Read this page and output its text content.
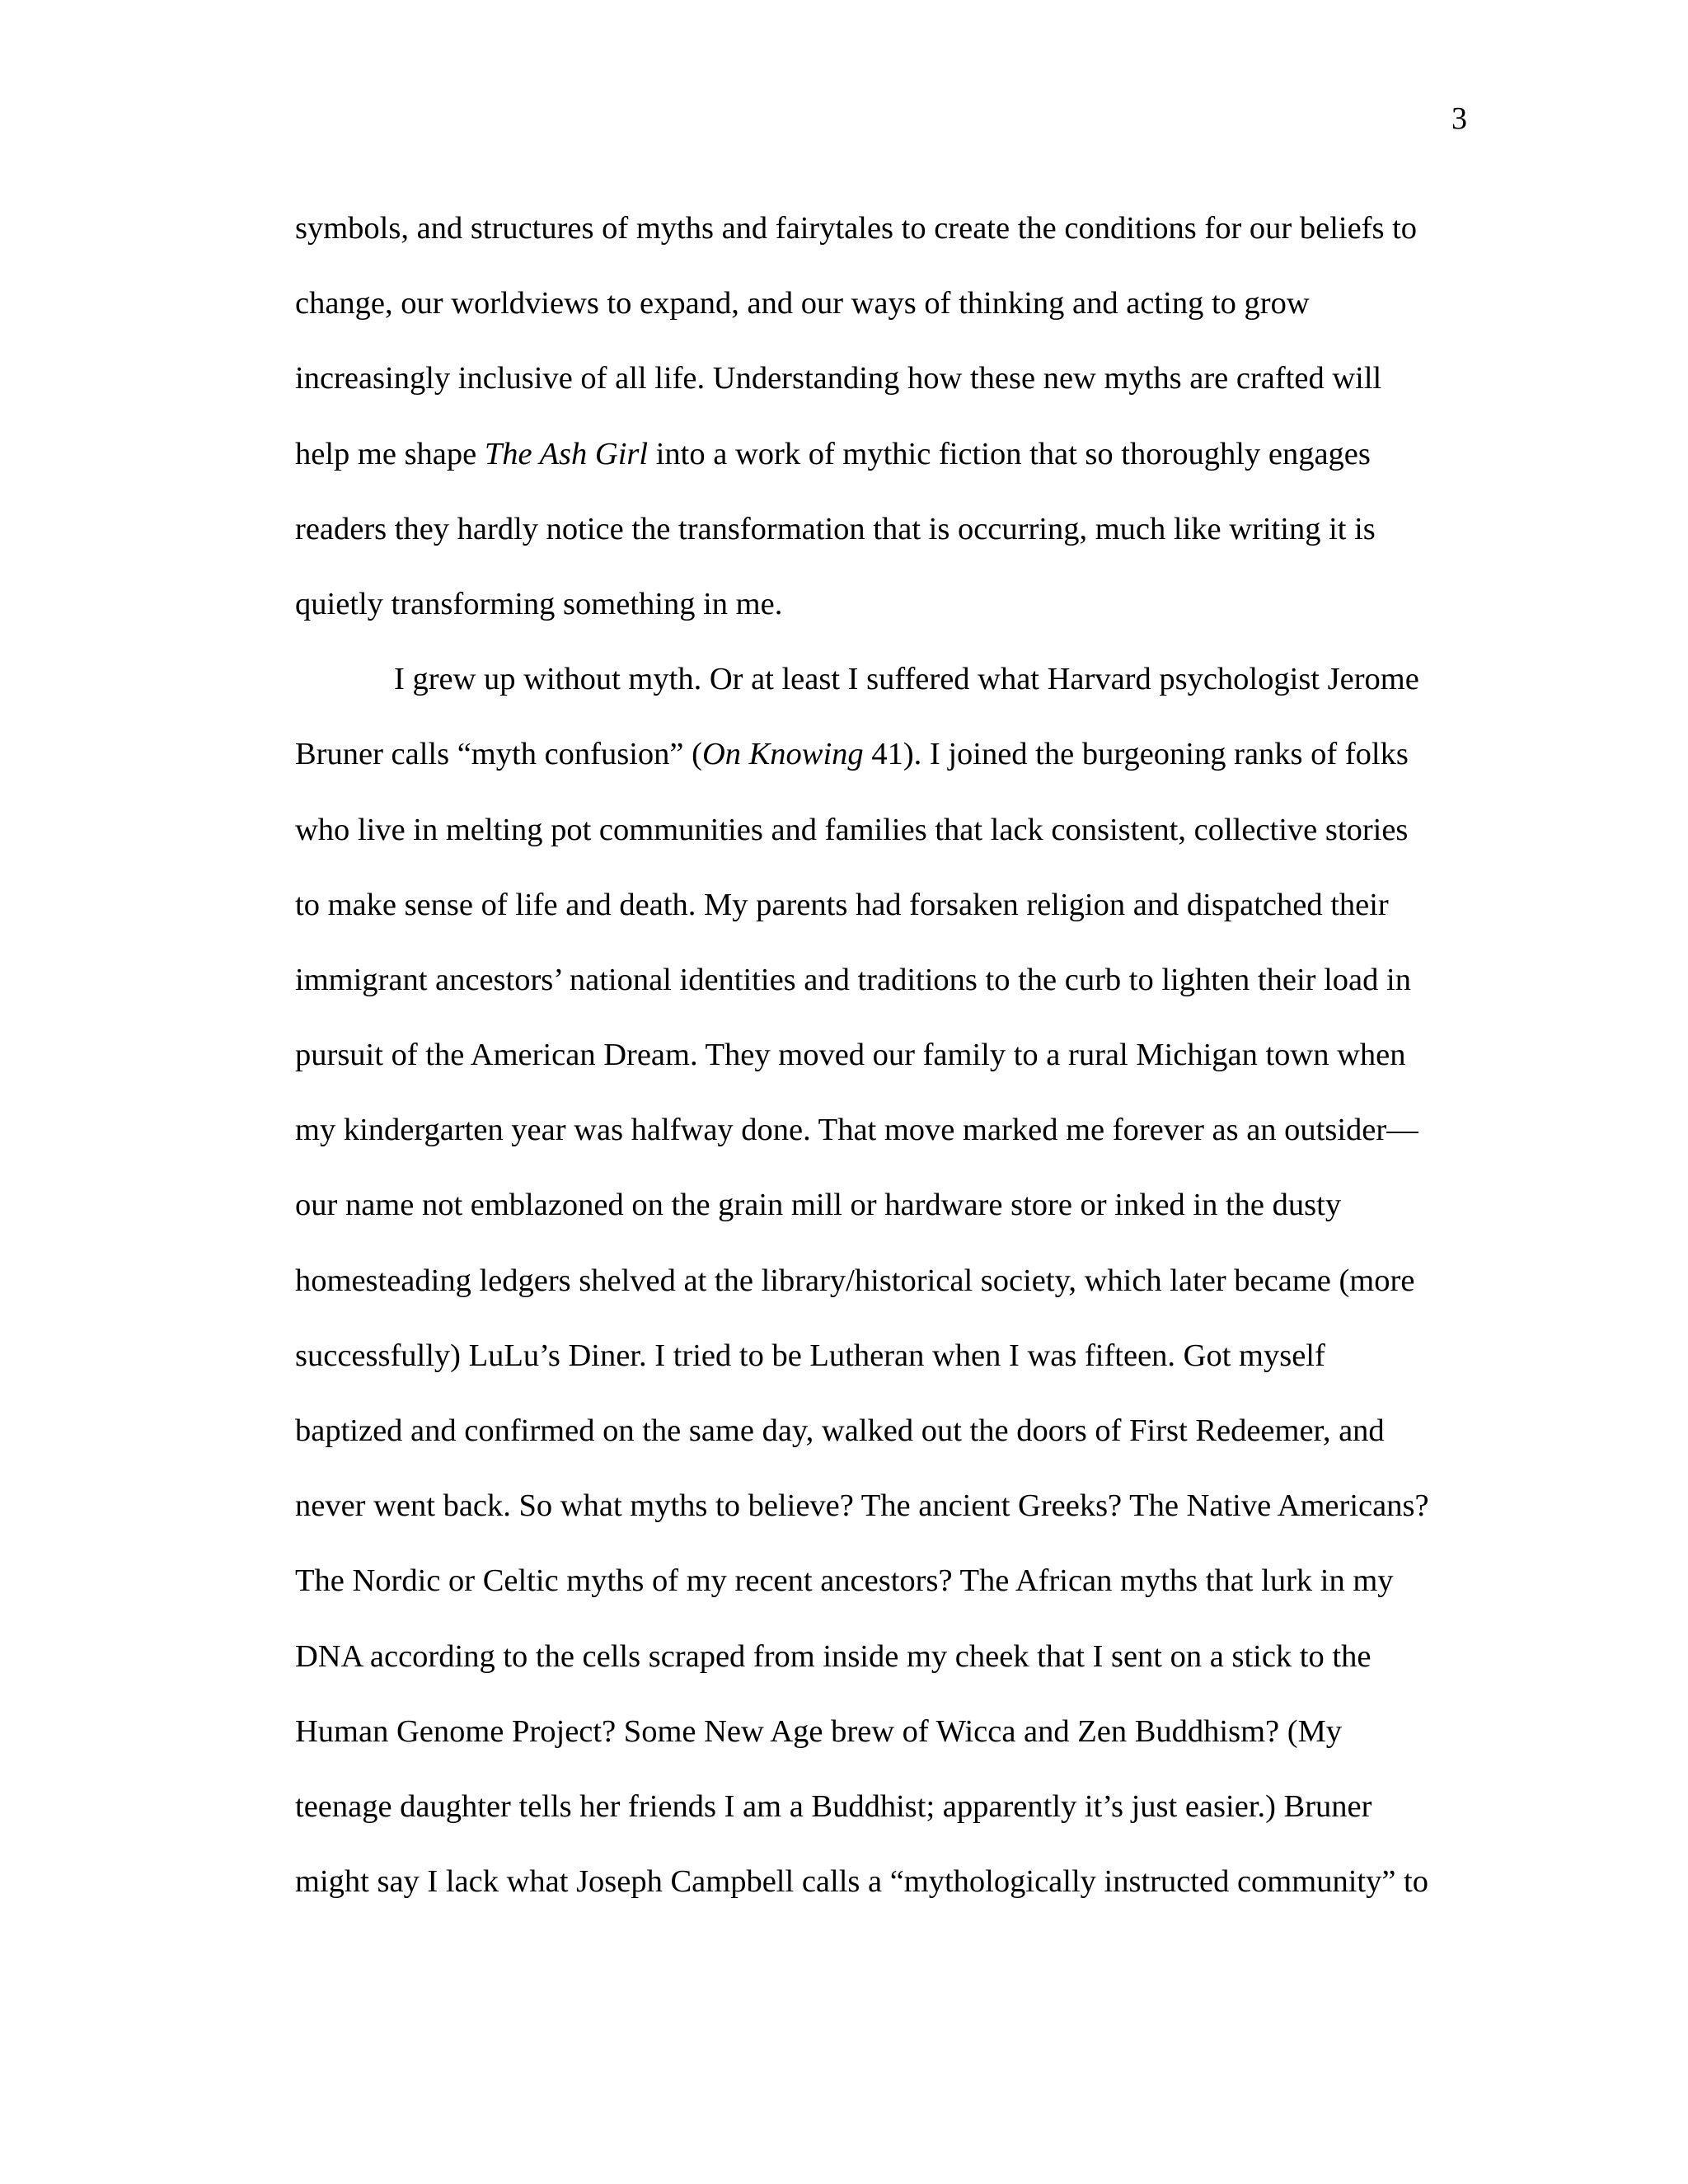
3
symbols, and structures of myths and fairytales to create the conditions for our beliefs to
change, our worldviews to expand, and our ways of thinking and acting to grow
increasingly inclusive of all life. Understanding how these new myths are crafted will
help me shape The Ash Girl into a work of mythic fiction that so thoroughly engages
readers they hardly notice the transformation that is occurring, much like writing it is
quietly transforming something in me.
I grew up without myth. Or at least I suffered what Harvard psychologist Jerome
Bruner calls “myth confusion” (On Knowing 41). I joined the burgeoning ranks of folks
who live in melting pot communities and families that lack consistent, collective stories
to make sense of life and death. My parents had forsaken religion and dispatched their
immigrant ancestors’ national identities and traditions to the curb to lighten their load in
pursuit of the American Dream. They moved our family to a rural Michigan town when
my kindergarten year was halfway done. That move marked me forever as an outsider—
our name not emblazoned on the grain mill or hardware store or inked in the dusty
homesteading ledgers shelved at the library/historical society, which later became (more
successfully) LuLu’s Diner. I tried to be Lutheran when I was fifteen. Got myself
baptized and confirmed on the same day, walked out the doors of First Redeemer, and
never went back. So what myths to believe? The ancient Greeks? The Native Americans?
The Nordic or Celtic myths of my recent ancestors? The African myths that lurk in my
DNA according to the cells scraped from inside my cheek that I sent on a stick to the
Human Genome Project? Some New Age brew of Wicca and Zen Buddhism? (My
teenage daughter tells her friends I am a Buddhist; apparently it’s just easier.) Bruner
might say I lack what Joseph Campbell calls a “mythologically instructed community” to
